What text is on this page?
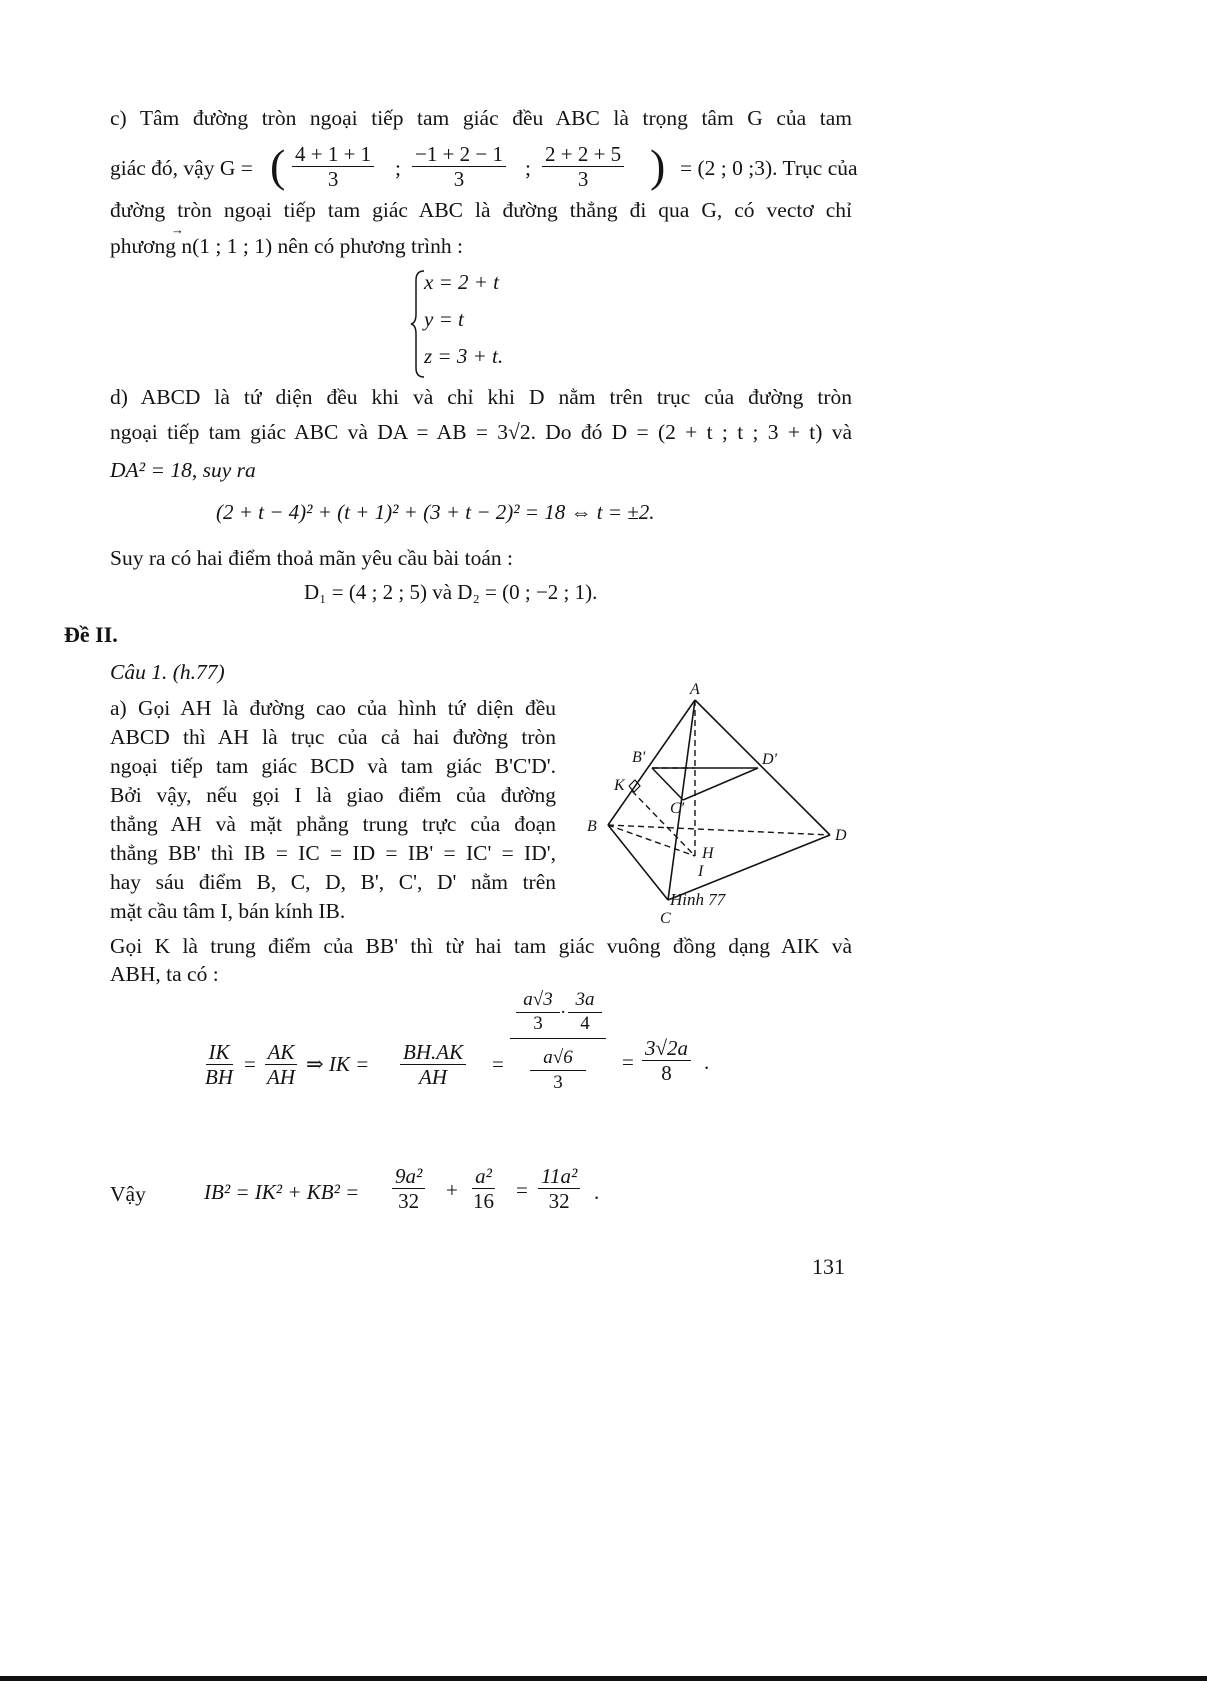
c) Tâm đường tròn ngoại tiếp tam giác đều ABC là trọng tâm G của tam
giác đó, vậy G = ( $\frac{4 + 1 + 1}{3}$ ; $\frac{-1 + 2 - 1}{3}$ ; $\frac{2 + 2 + 5}{3}$ ) = (2 ; 0 ;3). Trục của
đường tròn ngoại tiếp tam giác ABC là đường thẳng đi qua G, có vectơ chỉ
phương n(1 ; 1 ; 1) nên có phương trình :
→
x = 2 + t
y = t
z = 3 + t.
d) ABCD là tứ diện đều khi và chỉ khi D nằm trên trục của đường tròn
ngoại tiếp tam giác ABC và DA = AB = 3√2. Do đó D = (2 + t ; t ; 3 + t) và
DA² = 18, suy ra
(2 + t − 4)² + (t + 1)² + (3 + t − 2)² = 18 ⇔ t = ±2.
Suy ra có hai điểm thoả mãn yêu cầu bài toán :
D₁ = (4 ; 2 ; 5) và D₂ = (0 ; −2 ; 1).
Đề II.
Câu 1. (h.77)
a) Gọi AH là đường cao của hình tứ diện đều
ABCD thì AH là trục của cả hai đường tròn
ngoại tiếp tam giác BCD và tam giác B'C'D'.
Bởi vậy, nếu gọi I là giao điểm của đường
thẳng AH và mặt phẳng trung trực của đoạn
thẳng BB' thì IB = IC = ID = IB' = IC' = ID',
hay sáu điểm B, C, D, B', C', D' nằm trên
mặt cầu tâm I, bán kính IB.
A
B
C
D
B'
C'
D'
K
H
I
Hình 77
Gọi K là trung điểm của BB' thì từ hai tam giác vuông đồng dạng AIK và
ABH, ta có :
$\frac{IK}{BH} = \frac{AK}{AH}$ ⇒ IK = $\frac{BH.AK}{AH}$ =
a√3
3
·
3a
4
a√6
3
= $\frac{3√2a}{8}$ .
Vậy	$IB^2 = IK^2 + KB^2 = \frac{\text{9a²}}{32} + \frac{\text{a²}}{16} = \frac{\text{11a²}}{32}$ .
131
